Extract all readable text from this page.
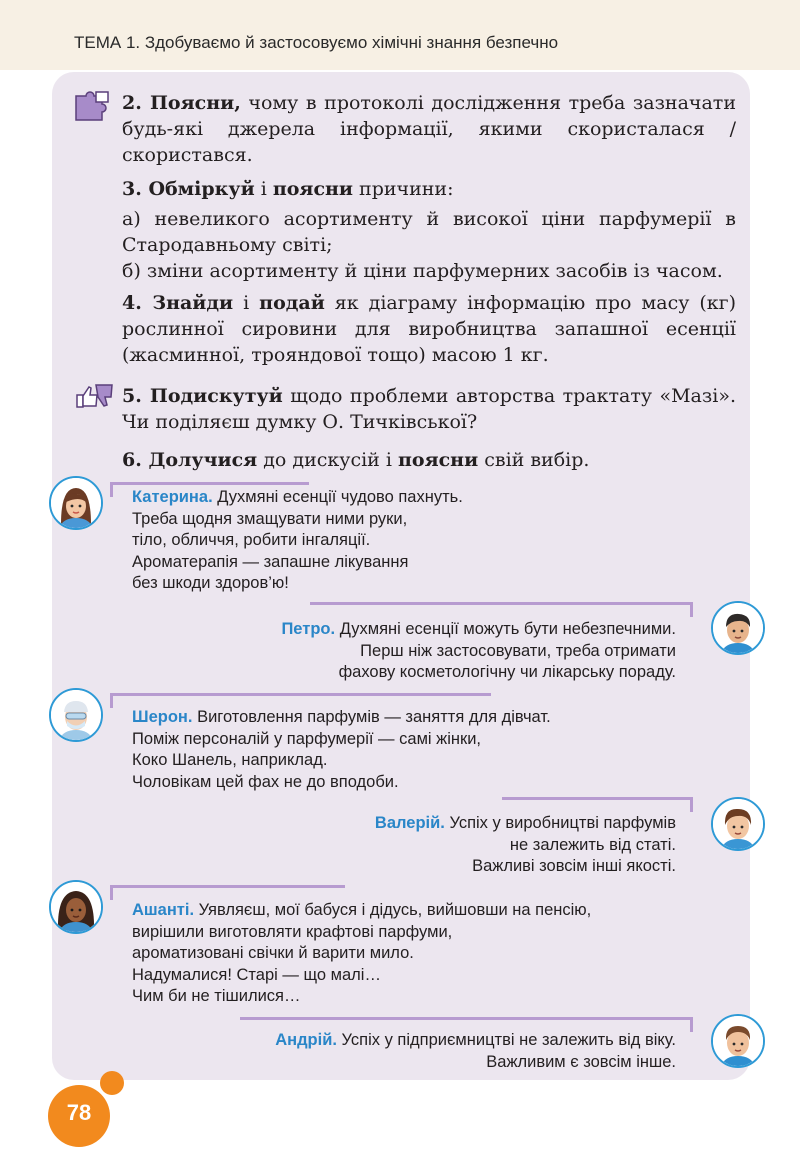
ТЕМА 1. Здобуваємо й застосовуємо хімічні знання безпечно

2. Поясни, чому в протоколі дослідження треба зазначати будь-які джерела інформації, якими скористалася / скористався.

3. Обміркуй і поясни причини:

а) невеликого асортименту й високої ціни парфумерії в Стародавньому світі;

б) зміни асортименту й ціни парфумерних засобів із часом.

4. Знайди і подай як діаграму інформацію про масу (кг) рослинної сировини для виробництва запашної есенції (жасминної, трояндової тощо) масою 1 кг.

5. Подискутуй щодо проблеми авторства трактату «Мазі». Чи поділяєш думку О. Тичківської?

6. Долучися до дискусій і поясни свій вибір.

Катерина. Духмяні есенції чудово пахнуть.
Треба щодня змащувати ними руки,
тіло, обличчя, робити інгаляції.
Ароматерапія — запашне лікування
без шкоди здоров’ю!
Петро. Духмяні есенції можуть бути небезпечними.
Перш ніж застосовувати, треба отримати
фахову косметологічну чи лікарську пораду.
Шерон. Виготовлення парфумів — заняття для дівчат.
Поміж персоналій у парфумерії — самі жінки,
Коко Шанель, наприклад.
Чоловікам цей фах не до вподоби.
Валерій. Успіх у виробництві парфумів
не залежить від статі.
Важливі зовсім інші якості.
Ашанті. Уявляєш, мої бабуся і дідусь, вийшовши на пенсію,
вирішили виготовляти крафтові парфуми,
ароматизовані свічки й варити мило.
Надумалися! Старі — що малі…
Чим би не тішилися…
Андрій. Успіх у підприємництві не залежить від віку.
Важливим є зовсім інше.
78
